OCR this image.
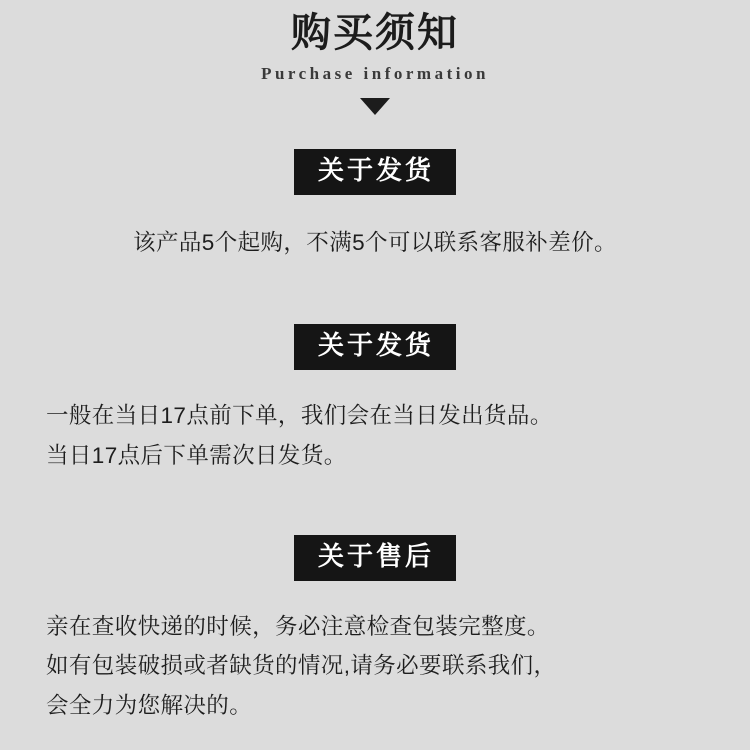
购买须知
Purchase information
关于发货
该产品5个起购，不满5个可以联系客服补差价。
关于发货
一般在当日17点前下单，我们会在当日发出货品。
当日17点后下单需次日发货。
关于售后
亲在查收快递的时候，务必注意检查包装完整度。
如有包装破损或者缺货的情况,请务必要联系我们，
会全力为您解决的。
